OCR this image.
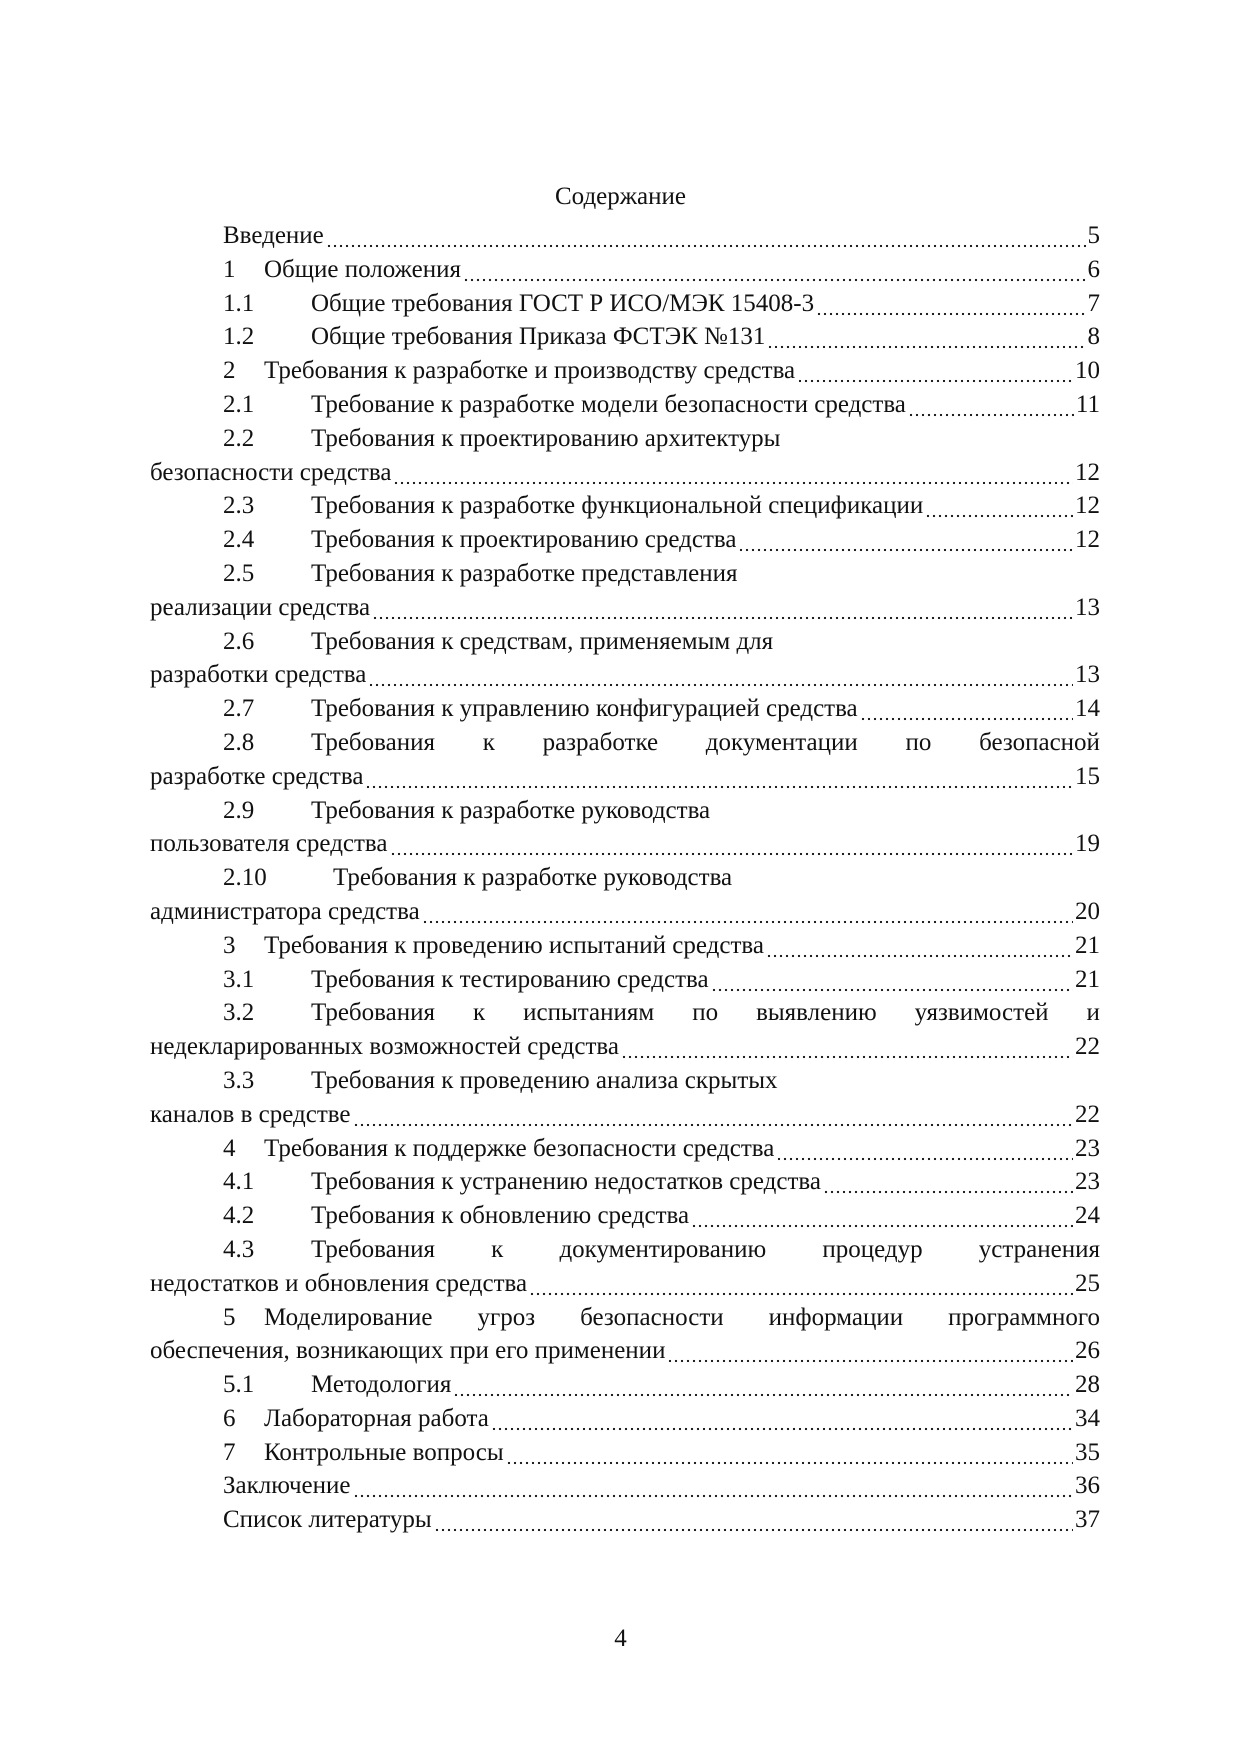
Содержание
Введение	5
1	Общие положения	6
1.1	Общие требования ГОСТ Р ИСО/МЭК 15408-3	7
1.2	Общие требования Приказа ФСТЭК №131	8
2	Требования к разработке и производству средства	10
2.1	Требование к разработке модели безопасности средства	11
2.2	Требования к проектированию архитектуры
безопасности средства	12
2.3	Требования к разработке функциональной спецификации	12
2.4	Требования к проектированию средства	12
2.5	Требования к разработке представления
реализации средства	13
2.6	Требования к средствам, применяемым для
разработки средства	13
2.7	Требования к управлению конфигурацией средства	14
2.8	Требования к разработке документации по безопасной
разработке средства	15
2.9	Требования к разработке руководства
пользователя средства	19
2.10	Требования к разработке руководства
администратора средства	20
3	Требования к проведению испытаний средства	21
3.1	Требования к тестированию средства	21
3.2	Требования к испытаниям по выявлению уязвимостей и
недекларированных возможностей средства	22
3.3	Требования к проведению анализа скрытых
каналов в средстве	22
4	Требования к поддержке безопасности средства	23
4.1	Требования к устранению недостатков средства	23
4.2	Требования к обновлению средства	24
4.3	Требования к документированию процедур устранения
недостатков и обновления средства	25
5	Моделирование угроз безопасности информации программного
обеспечения, возникающих при его применении	26
5.1	Методология	28
6	Лабораторная работа	34
7	Контрольные вопросы	35
Заключение	36
Список литературы	37
4
